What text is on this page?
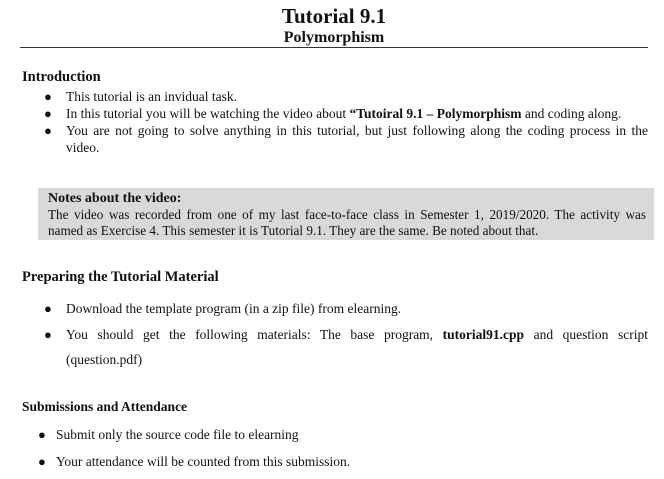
Tutorial 9.1
Polymorphism
Introduction
● This tutorial is an invidual task.
● In this tutorial you will be watching the video about “Tutoiral 9.1 – Polymorphism and coding along.
● You are not going to solve anything in this tutorial, but just following along the coding process in the video.
Notes about the video:
The video was recorded from one of my last face-to-face class in Semester 1, 2019/2020. The activity was named as Exercise 4. This semester it is Tutorial 9.1. They are the same. Be noted about that.
Preparing the Tutorial Material
● Download the template program (in a zip file) from elearning.
● You should get the following materials: The base program, tutorial91.cpp and question script (question.pdf)
Submissions and Attendance
● Submit only the source code file to elearning
● Your attendance will be counted from this submission.
